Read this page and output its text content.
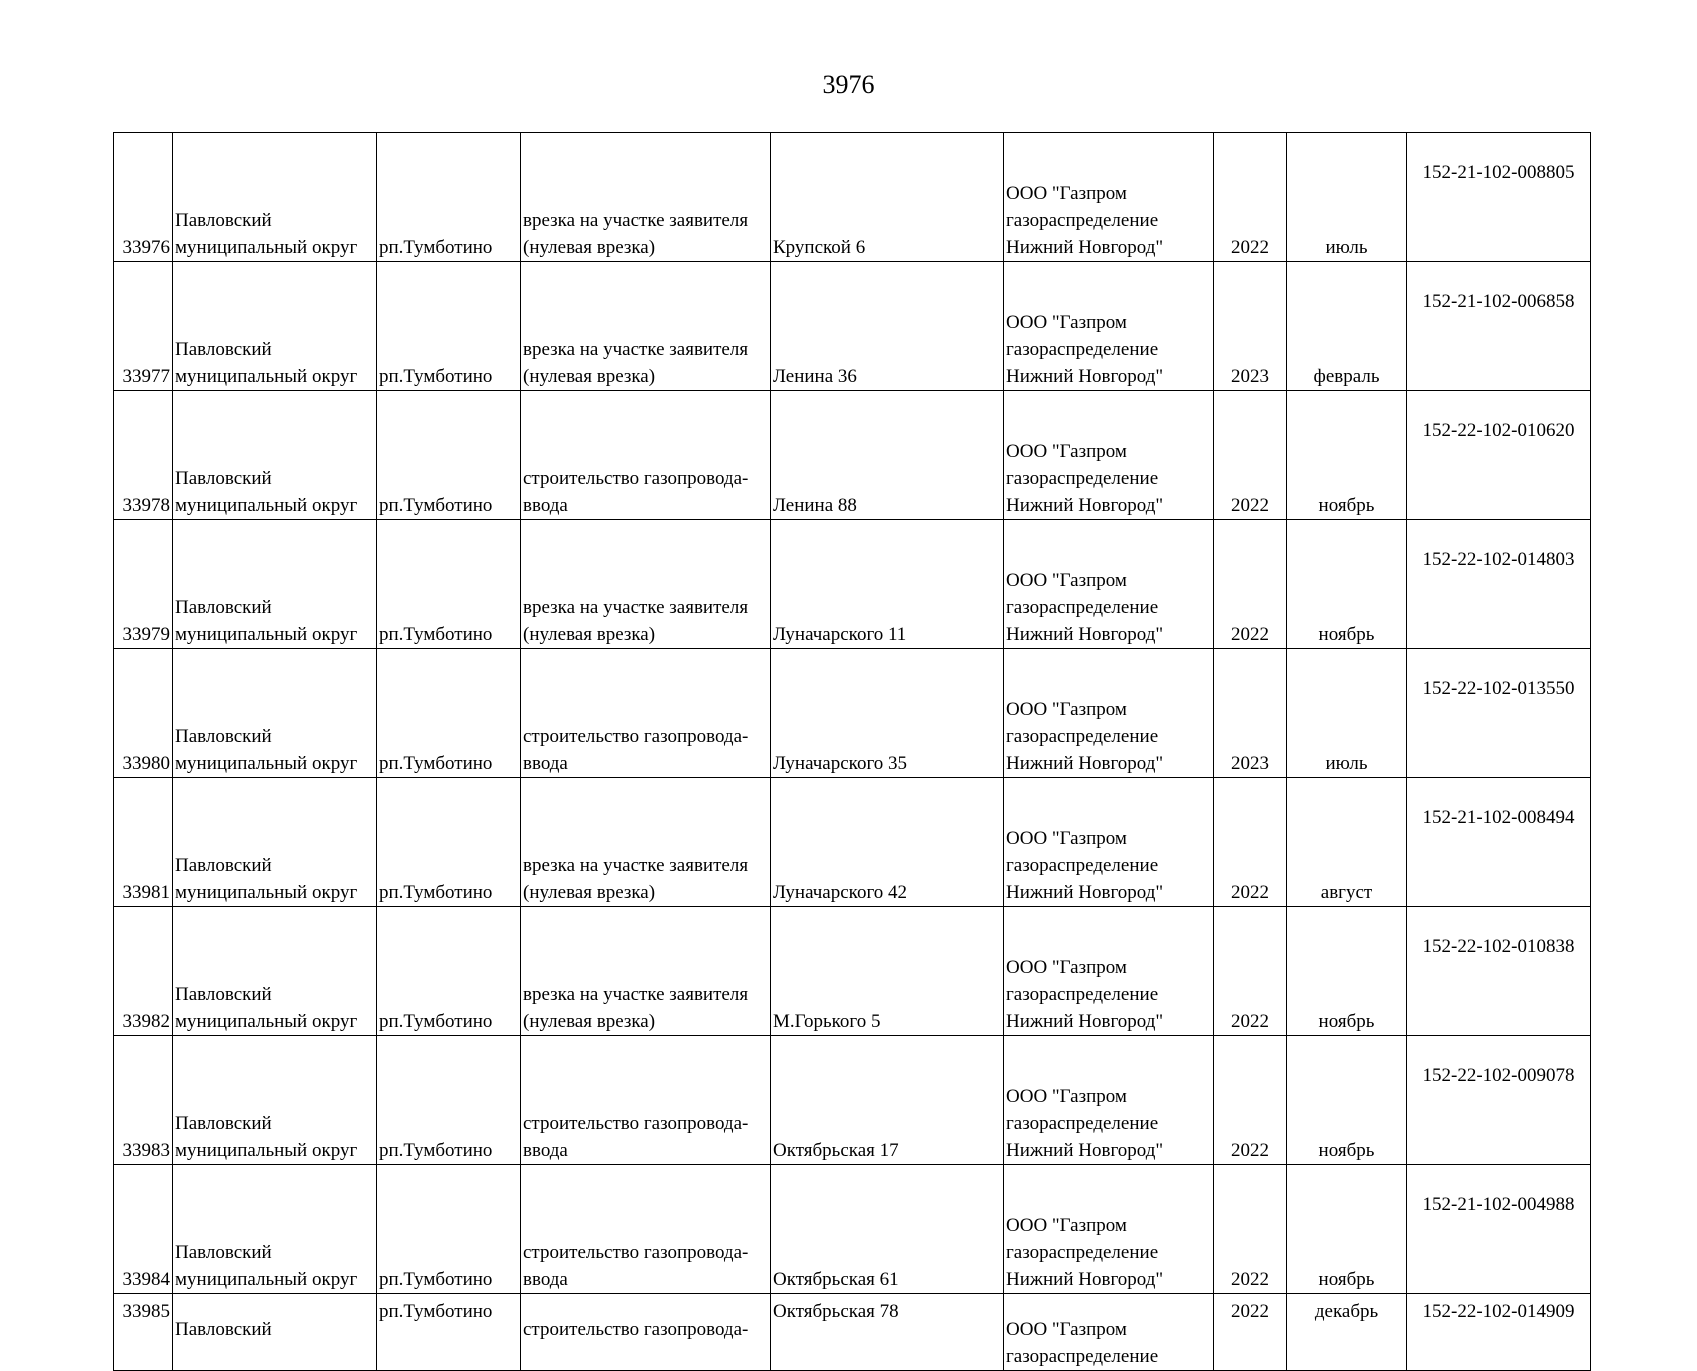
3976
33976	Павловский
муниципальный округ	рп.Тумботино	врезка на участке заявителя
(нулевая врезка)	Крупской 6	ООО "Газпром
газораспределение
Нижний Новгород"	2022	июль	152-21-102-008805

33977	Павловский
муниципальный округ	рп.Тумботино	врезка на участке заявителя
(нулевая врезка)	Ленина 36	ООО "Газпром
газораспределение
Нижний Новгород"	2023	февраль	152-21-102-006858

33978	Павловский
муниципальный округ	рп.Тумботино	строительство газопровода-
ввода	Ленина 88	ООО "Газпром
газораспределение
Нижний Новгород"	2022	ноябрь	152-22-102-010620

33979	Павловский
муниципальный округ	рп.Тумботино	врезка на участке заявителя
(нулевая врезка)	Луначарского 11	ООО "Газпром
газораспределение
Нижний Новгород"	2022	ноябрь	152-22-102-014803

33980	Павловский
муниципальный округ	рп.Тумботино	строительство газопровода-
ввода	Луначарского 35	ООО "Газпром
газораспределение
Нижний Новгород"	2023	июль	152-22-102-013550

33981	Павловский
муниципальный округ	рп.Тумботино	врезка на участке заявителя
(нулевая врезка)	Луначарского 42	ООО "Газпром
газораспределение
Нижний Новгород"	2022	август	152-21-102-008494

33982	Павловский
муниципальный округ	рп.Тумботино	врезка на участке заявителя
(нулевая врезка)	М.Горького 5	ООО "Газпром
газораспределение
Нижний Новгород"	2022	ноябрь	152-22-102-010838

33983	Павловский
муниципальный округ	рп.Тумботино	строительство газопровода-
ввода	Октябрьская 17	ООО "Газпром
газораспределение
Нижний Новгород"	2022	ноябрь	152-22-102-009078

33984	Павловский
муниципальный округ	рп.Тумботино	строительство газопровода-
ввода	Октябрьская 61	ООО "Газпром
газораспределение
Нижний Новгород"	2022	ноябрь	152-21-102-004988

33985	Павловский	рп.Тумботино	строительство газопровода-	Октябрьская 78	ООО "Газпром
газораспределение	2022	декабрь	152-22-102-014909
